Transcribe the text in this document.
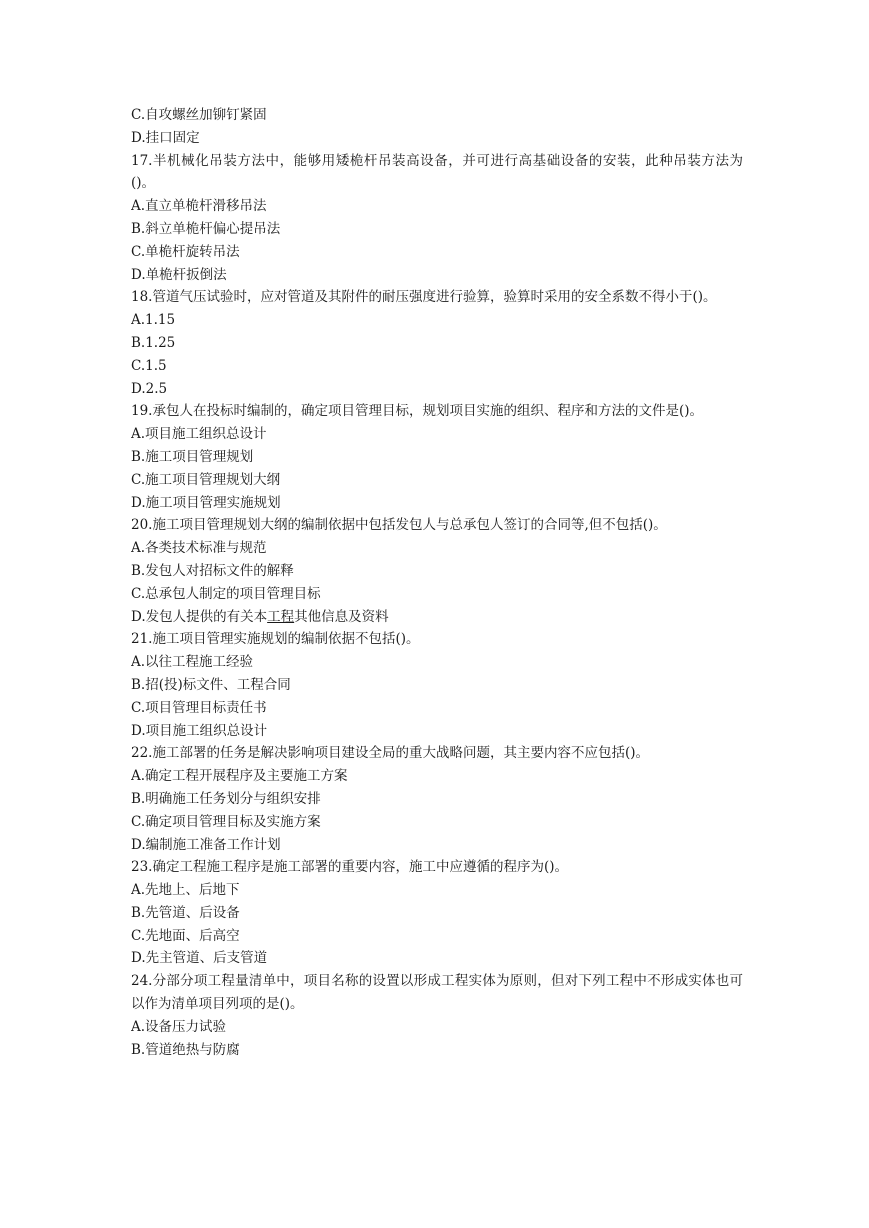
C.自攻螺丝加铆钉紧固
D.挂口固定
17.半机械化吊装方法中，能够用矮桅杆吊装高设备，并可进行高基础设备的安装，此种吊装方法为()。
A.直立单桅杆滑移吊法
B.斜立单桅杆偏心提吊法
C.单桅杆旋转吊法
D.单桅杆扳倒法
18.管道气压试验时，应对管道及其附件的耐压强度进行验算，验算时采用的安全系数不得小于()。
A.1.15
B.1.25
C.1.5
D.2.5
19.承包人在投标时编制的，确定项目管理目标，规划项目实施的组织、程序和方法的文件是()。
A.项目施工组织总设计
B.施工项目管理规划
C.施工项目管理规划大纲
D.施工项目管理实施规划
20.施工项目管理规划大纲的编制依据中包括发包人与总承包人签订的合同等,但不包括()。
A.各类技术标准与规范
B.发包人对招标文件的解释
C.总承包人制定的项目管理目标
D.发包人提供的有关本工程其他信息及资料
21.施工项目管理实施规划的编制依据不包括()。
A.以往工程施工经验
B.招(投)标文件、工程合同
C.项目管理目标责任书
D.项目施工组织总设计
22.施工部署的任务是解决影响项目建设全局的重大战略问题，其主要内容不应包括()。
A.确定工程开展程序及主要施工方案
B.明确施工任务划分与组织安排
C.确定项目管理目标及实施方案
D.编制施工准备工作计划
23.确定工程施工程序是施工部署的重要内容，施工中应遵循的程序为()。
A.先地上、后地下
B.先管道、后设备
C.先地面、后高空
D.先主管道、后支管道
24.分部分项工程量清单中，项目名称的设置以形成工程实体为原则，但对下列工程中不形成实体也可以作为清单项目列项的是()。
A.设备压力试验
B.管道绝热与防腐
